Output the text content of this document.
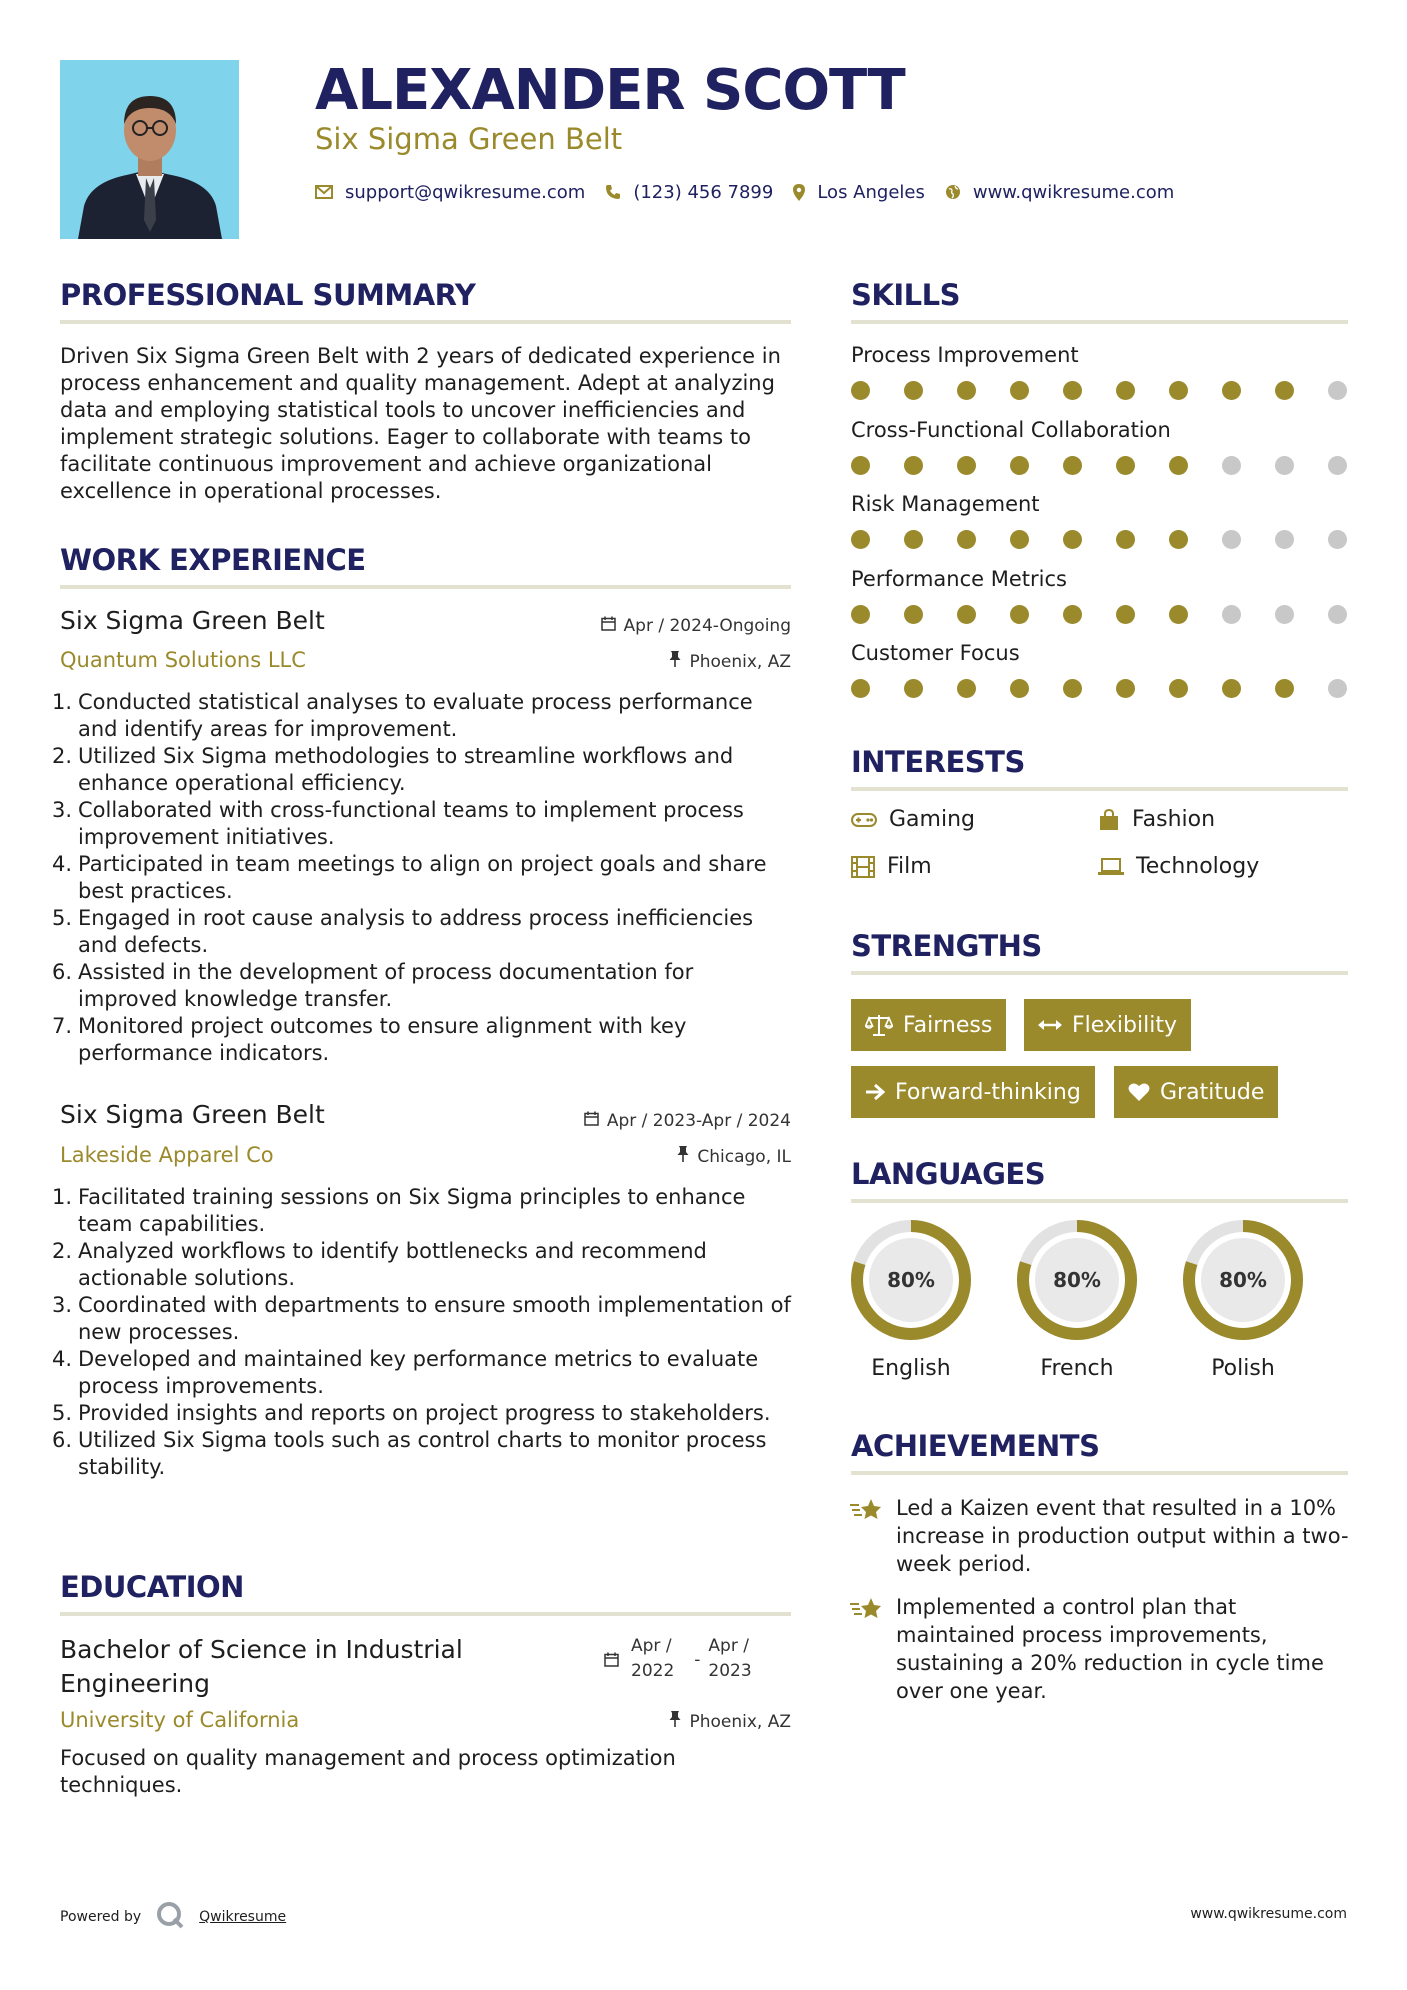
ALEXANDER SCOTT
Six Sigma Green Belt
support@qwikresume.com	(123) 456 7899 Los Angeles	www.qwikresume.com
PROFESSIONAL SUMMARY
Driven Six Sigma Green Belt with 2 years of dedicated experience in process enhancement and quality management. Adept at analyzing data and employing statistical tools to uncover inefficiencies and implement strategic solutions. Eager to collaborate with teams to facilitate continuous improvement and achieve organizational excellence in operational processes.
WORK EXPERIENCE
Six Sigma Green Belt	Apr / 2024-Ongoing
Quantum Solutions LLC	Phoenix, AZ
1. Conducted statistical analyses to evaluate process performance and identify areas for improvement.
2. Utilized Six Sigma methodologies to streamline workflows and enhance operational efficiency.
3. Collaborated with cross-functional teams to implement process improvement initiatives.
4. Participated in team meetings to align on project goals and share best practices.
5. Engaged in root cause analysis to address process inefficiencies and defects.
6. Assisted in the development of process documentation for improved knowledge transfer.
7. Monitored project outcomes to ensure alignment with key performance indicators.
Six Sigma Green Belt	Apr / 2023-Apr / 2024
Lakeside Apparel Co	Chicago, IL
1. Facilitated training sessions on Six Sigma principles to enhance team capabilities.
2. Analyzed workflows to identify bottlenecks and recommend actionable solutions.
3. Coordinated with departments to ensure smooth implementation of new processes.
4. Developed and maintained key performance metrics to evaluate process improvements.
5. Provided insights and reports on project progress to stakeholders.
6. Utilized Six Sigma tools such as control charts to monitor process stability.
EDUCATION
Bachelor of Science in Industrial
Engineering
Apr /
2022
-
Apr /
2023
University of California	Phoenix, AZ
Focused on quality management and process optimization techniques.
SKILLS
Process Improvement
Cross-Functional Collaboration
Risk Management
Performance Metrics
Customer Focus
INTERESTS
Gaming	Fashion
Film	Technology
STRENGTHS
Fairness	Flexibility
Forward-thinking	Gratitude
LANGUAGES
80%
English
80%
French
80%
Polish
ACHIEVEMENTS
Led a Kaizen event that resulted in a 10% increase in production output within a two-week period.
Implemented a control plan that maintained process improvements, sustaining a 20% reduction in cycle time over one year.
Powered by	Qwikresume	www.qwikresume.com
